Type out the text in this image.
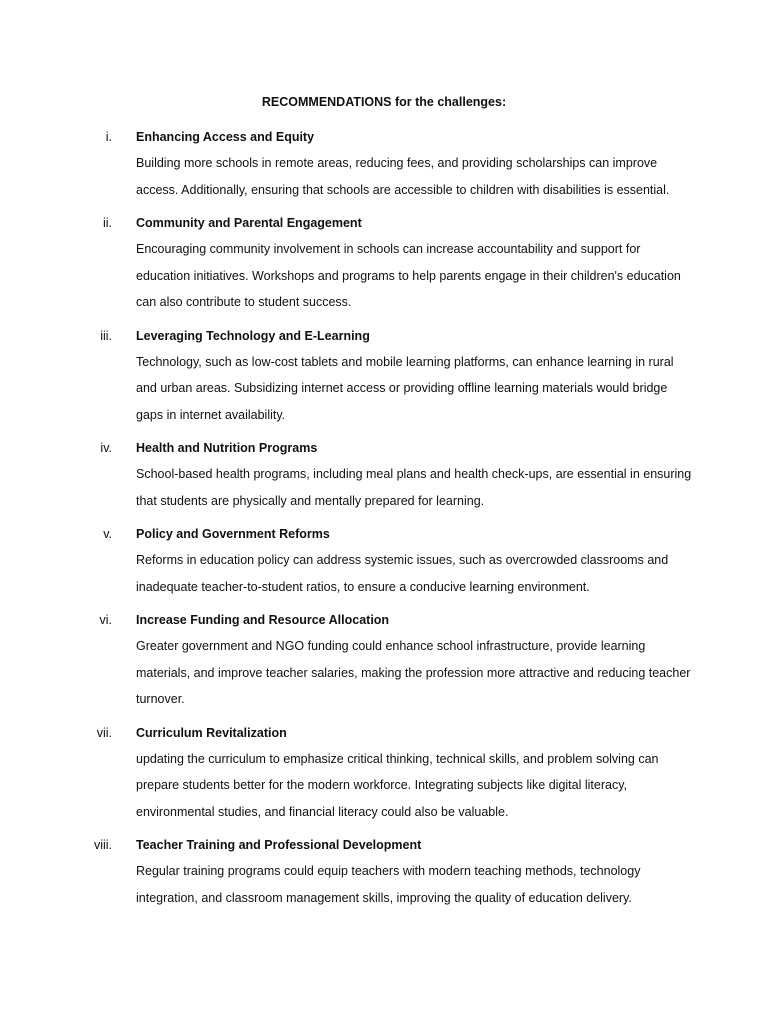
RECOMMENDATIONS for the challenges:
i. Enhancing Access and Equity

Building more schools in remote areas, reducing fees, and providing scholarships can improve access. Additionally, ensuring that schools are accessible to children with disabilities is essential.

ii. Community and Parental Engagement

Encouraging community involvement in schools can increase accountability and support for education initiatives. Workshops and programs to help parents engage in their children's education can also contribute to student success.

iii. Leveraging Technology and E-Learning

Technology, such as low-cost tablets and mobile learning platforms, can enhance learning in rural and urban areas. Subsidizing internet access or providing offline learning materials would bridge gaps in internet availability.

iv. Health and Nutrition Programs

School-based health programs, including meal plans and health check-ups, are essential in ensuring that students are physically and mentally prepared for learning.

v. Policy and Government Reforms

Reforms in education policy can address systemic issues, such as overcrowded classrooms and inadequate teacher-to-student ratios, to ensure a conducive learning environment.

vi. Increase Funding and Resource Allocation

Greater government and NGO funding could enhance school infrastructure, provide learning materials, and improve teacher salaries, making the profession more attractive and reducing teacher turnover.

vii. Curriculum Revitalization

updating the curriculum to emphasize critical thinking, technical skills, and problem solving can prepare students better for the modern workforce. Integrating subjects like digital literacy, environmental studies, and financial literacy could also be valuable.

viii. Teacher Training and Professional Development

Regular training programs could equip teachers with modern teaching methods, technology integration, and classroom management skills, improving the quality of education delivery.
